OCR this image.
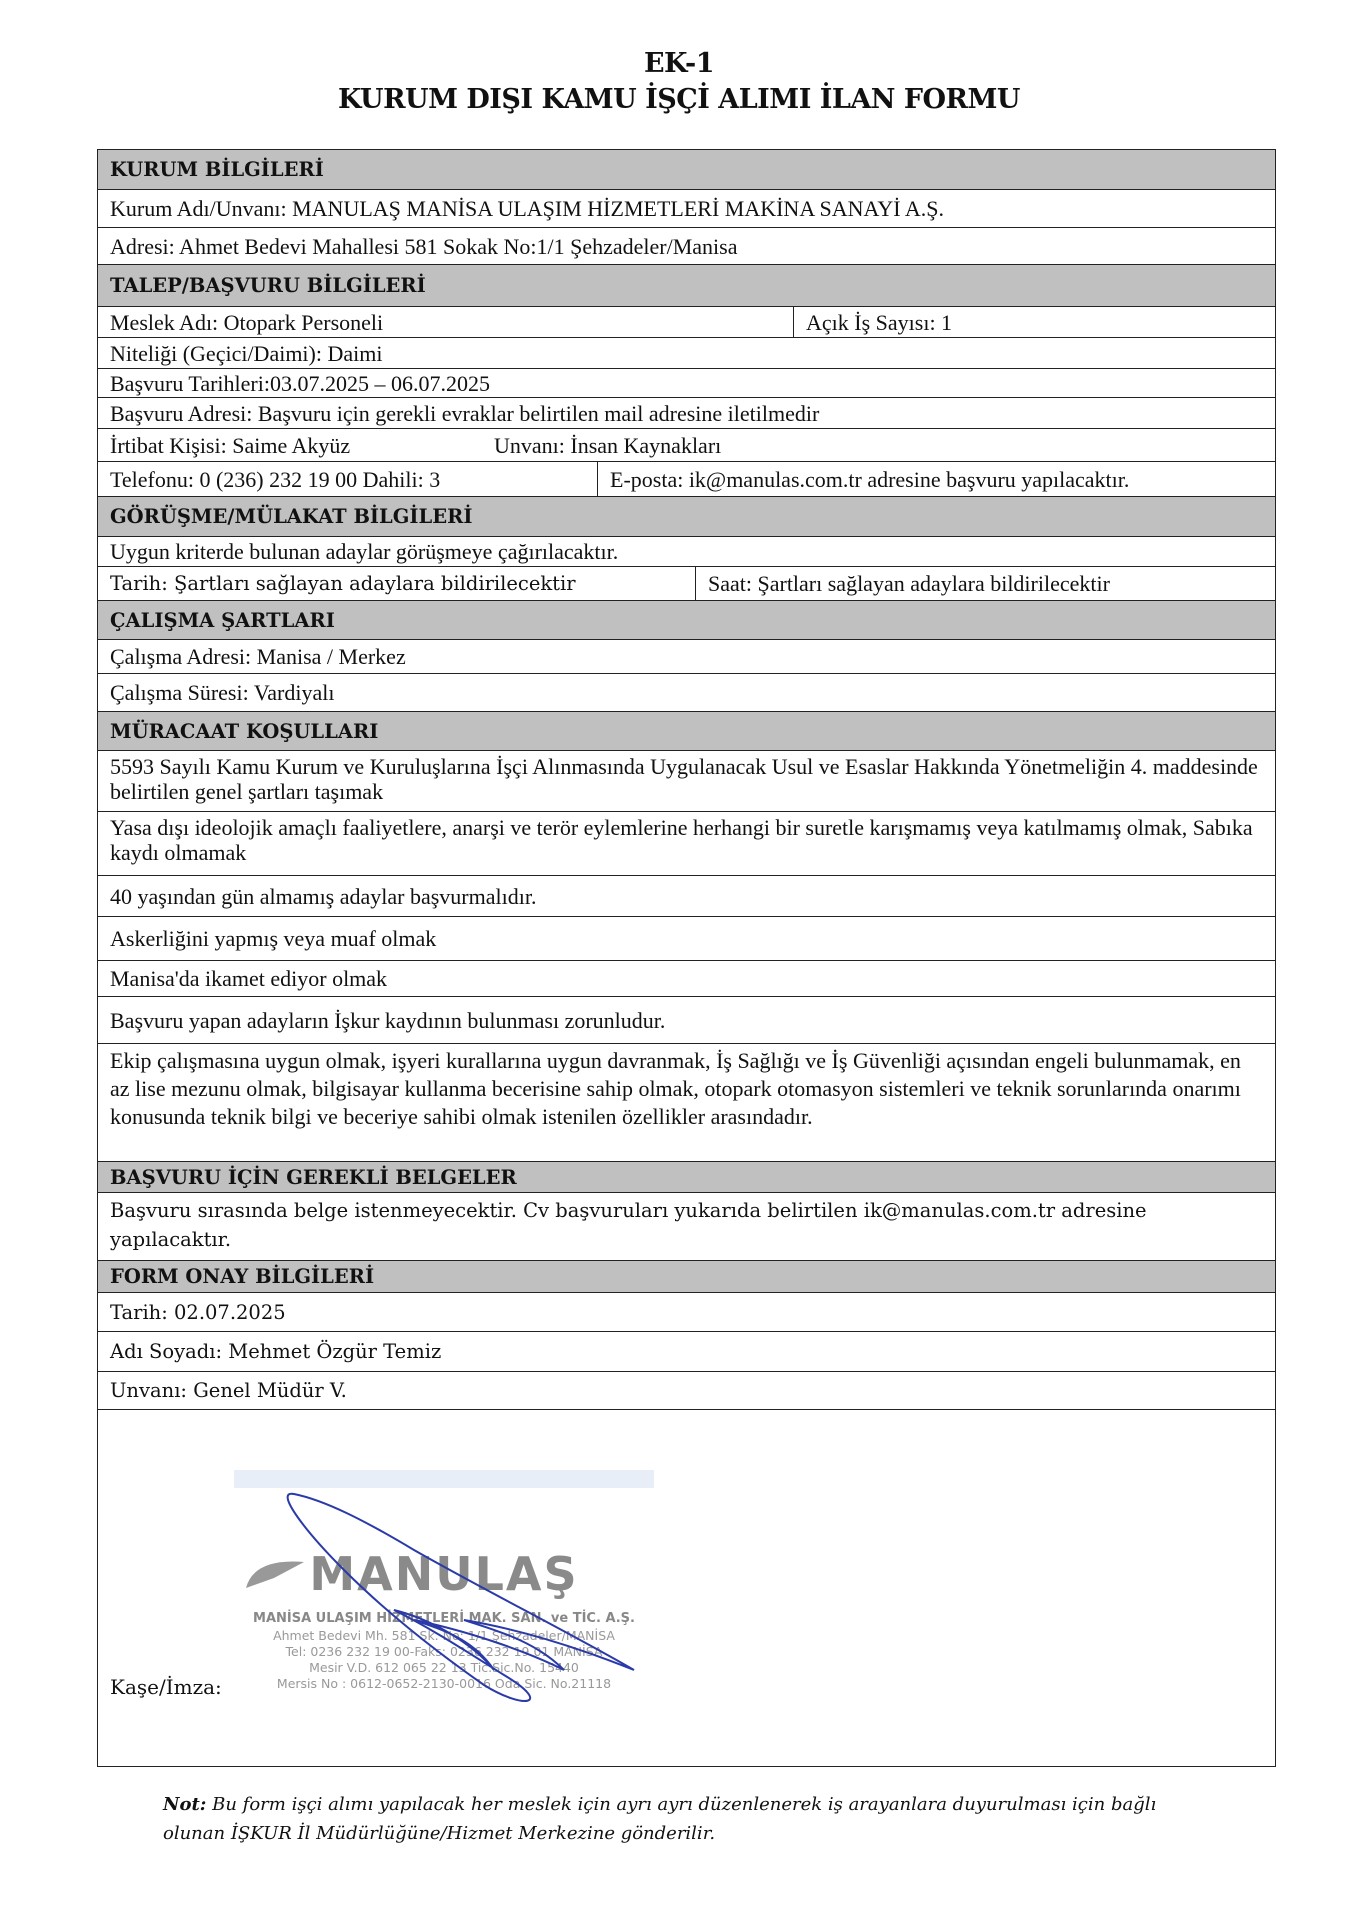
EK-1
KURUM DIŞI KAMU İŞÇİ ALIMI İLAN FORMU
KURUM BİLGİLERİ
Kurum Adı/Unvanı: MANULAŞ MANİSA ULAŞIM HİZMETLERİ MAKİNA SANAYİ A.Ş.
Adresi: Ahmet Bedevi Mahallesi 581 Sokak No:1/1 Şehzadeler/Manisa
TALEP/BAŞVURU BİLGİLERİ
Meslek Adı: Otopark Personeli	Açık İş Sayısı: 1
Niteliği (Geçici/Daimi): Daimi
Başvuru Tarihleri:03.07.2025 – 06.07.2025
Başvuru Adresi: Başvuru için gerekli evraklar belirtilen mail adresine iletilmedir
İrtibat Kişisi: Saime Akyüz	Unvanı: İnsan Kaynakları
Telefonu: 0 (236) 232 19 00 Dahili: 3	E-posta: ik@manulas.com.tr adresine başvuru yapılacaktır.
GÖRÜŞME/MÜLAKAT BİLGİLERİ
Uygun kriterde bulunan adaylar görüşmeye çağırılacaktır.
Tarih: Şartları sağlayan adaylara bildirilecektir	Saat: Şartları sağlayan adaylara bildirilecektir
ÇALIŞMA ŞARTLARI
Çalışma Adresi: Manisa / Merkez
Çalışma Süresi: Vardiyalı
MÜRACAAT KOŞULLARI
5593 Sayılı Kamu Kurum ve Kuruluşlarına İşçi Alınmasında Uygulanacak Usul ve Esaslar Hakkında Yönetmeliğin 4. maddesinde belirtilen genel şartları taşımak
Yasa dışı ideolojik amaçlı faaliyetlere, anarşi ve terör eylemlerine herhangi bir suretle karışmamış veya katılmamış olmak, Sabıka kaydı olmamak
40 yaşından gün almamış adaylar başvurmalıdır.
Askerliğini yapmış veya muaf olmak
Manisa'da ikamet ediyor olmak
Başvuru yapan adayların İşkur kaydının bulunması zorunludur.
Ekip çalışmasına uygun olmak, işyeri kurallarına uygun davranmak, İş Sağlığı ve İş Güvenliği açısından engeli bulunmamak, en az lise mezunu olmak, bilgisayar kullanma becerisine sahip olmak, otopark otomasyon sistemleri ve teknik sorunlarında onarımı konusunda teknik bilgi ve beceriye sahibi olmak istenilen özellikler arasındadır.
BAŞVURU İÇİN GEREKLİ BELGELER
Başvuru sırasında belge istenmeyecektir. Cv başvuruları yukarıda belirtilen ik@manulas.com.tr adresine yapılacaktır.
FORM ONAY BİLGİLERİ
Tarih: 02.07.2025
Adı Soyadı: Mehmet Özgür Temiz
Unvanı: Genel Müdür V.
MANULAŞ
MANİSA ULAŞIM HİZMETLERİ MAK. SAN. ve TİC. A.Ş.
Ahmet Bedevi Mh. 581 Sk. No: 1/1 Şehzadeler/MANİSA
Tel: 0236 232 19 00-Faks: 0236 232 19 01 MANİSA
Mesir V.D. 612 065 22 13 Tic.Sic.No. 15440
Mersis No : 0612-0652-2130-0016 Oda Sic. No.21118
Kaşe/İmza:
Not: Bu form işçi alımı yapılacak her meslek için ayrı ayrı düzenlenerek iş arayanlara duyurulması için bağlı olunan İŞKUR İl Müdürlüğüne/Hizmet Merkezine gönderilir.
